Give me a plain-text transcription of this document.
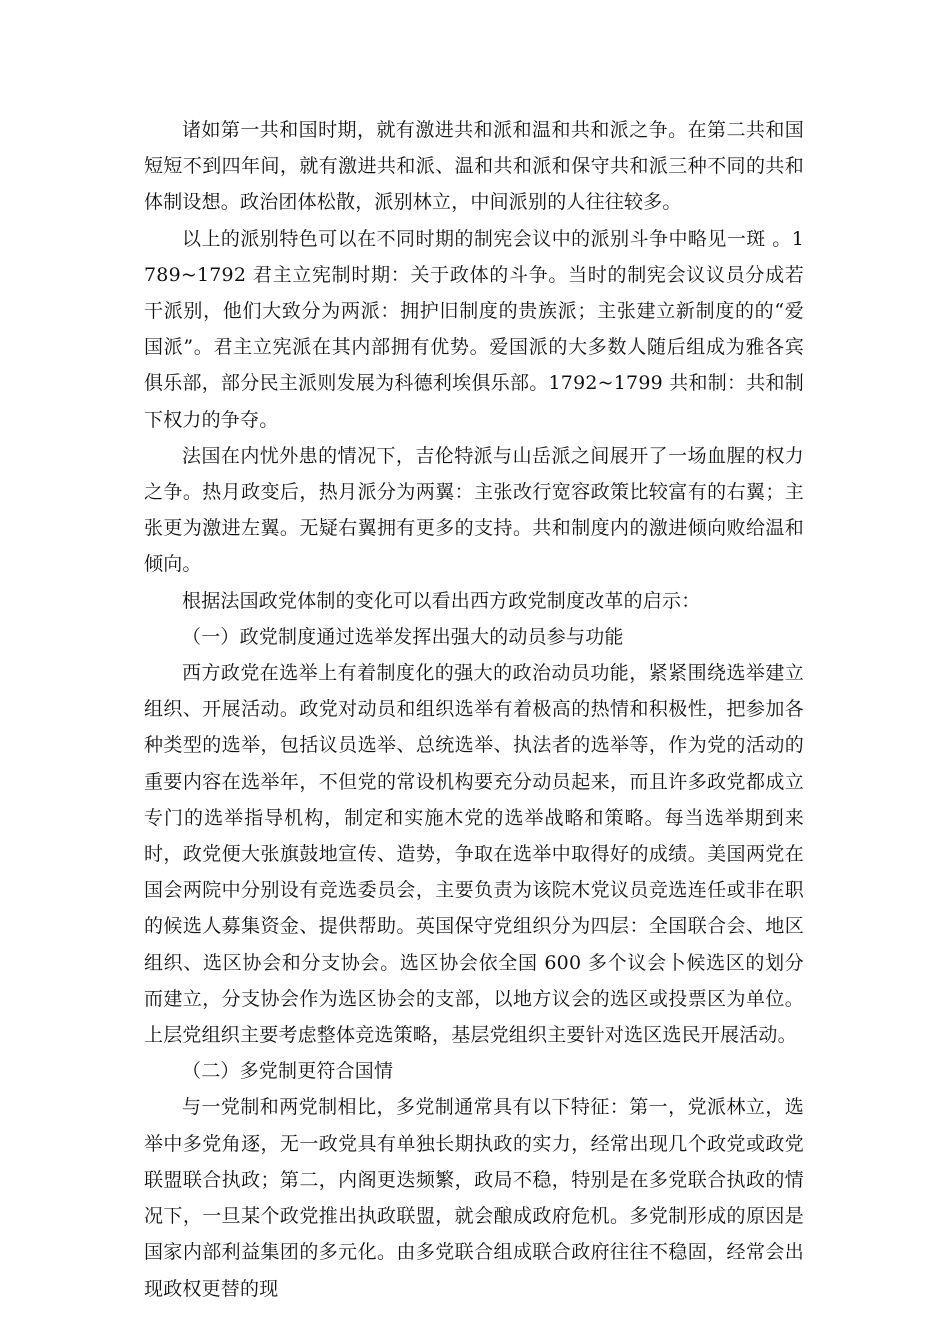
诸如第一共和国时期，就有激进共和派和温和共和派之争。在第二共和国短短不到四年间，就有激进共和派、温和共和派和保守共和派三种不同的共和体制设想。政治团体松散，派别林立，中间派别的人往往较多。

以上的派别特色可以在不同时期的制宪会议中的派别斗争中略见一斑 。1789~1792 君主立宪制时期：关于政体的斗争。当时的制宪会议议员分成若干派别，他们大致分为两派：拥护旧制度的贵族派；主张建立新制度的的“爱国派”。君主立宪派在其内部拥有优势。爱国派的大多数人随后组成为雅各宾俱乐部，部分民主派则发展为科德利埃俱乐部。1792~1799 共和制：共和制下权力的争夺。

法国在内忧外患的情况下，吉伦特派与山岳派之间展开了一场血腥的权力之争。热月政变后，热月派分为两翼：主张改行宽容政策比较富有的右翼；主张更为激进左翼。无疑右翼拥有更多的支持。共和制度内的激进倾向败给温和倾向。

根据法国政党体制的变化可以看出西方政党制度改革的启示：

（一）政党制度通过选举发挥出强大的动员参与功能

西方政党在选举上有着制度化的强大的政治动员功能，紧紧围绕选举建立组织、开展活动。政党对动员和组织选举有着极高的热情和积极性，把参加各种类型的选举，包括议员选举、总统选举、执法者的选举等，作为党的活动的重要内容在选举年，不但党的常设机构要充分动员起来，而且许多政党都成立专门的选举指导机构，制定和实施木党的选举战略和策略。每当选举期到来时，政党便大张旗鼓地宣传、造势，争取在选举中取得好的成绩。美国两党在国会两院中分别设有竞选委员会，主要负责为该院木党议员竞选连任或非在职的候选人募集资金、提供帮助。英国保守党组织分为四层：全国联合会、地区组织、选区协会和分支协会。选区协会依全国 600 多个议会卜候选区的划分而建立，分支协会作为选区协会的支部，以地方议会的选区或投票区为单位。上层党组织主要考虑整体竞选策略，基层党组织主要针对选区选民开展活动。

（二）多党制更符合国情

与一党制和两党制相比，多党制通常具有以下特征：第一，党派林立，选举中多党角逐，无一政党具有单独长期执政的实力，经常出现几个政党或政党联盟联合执政；第二，内阁更迭频繁，政局不稳，特别是在多党联合执政的情况下，一旦某个政党推出执政联盟，就会酿成政府危机。多党制形成的原因是国家内部利益集团的多元化。由多党联合组成联合政府往往不稳固，经常会出现政权更替的现
